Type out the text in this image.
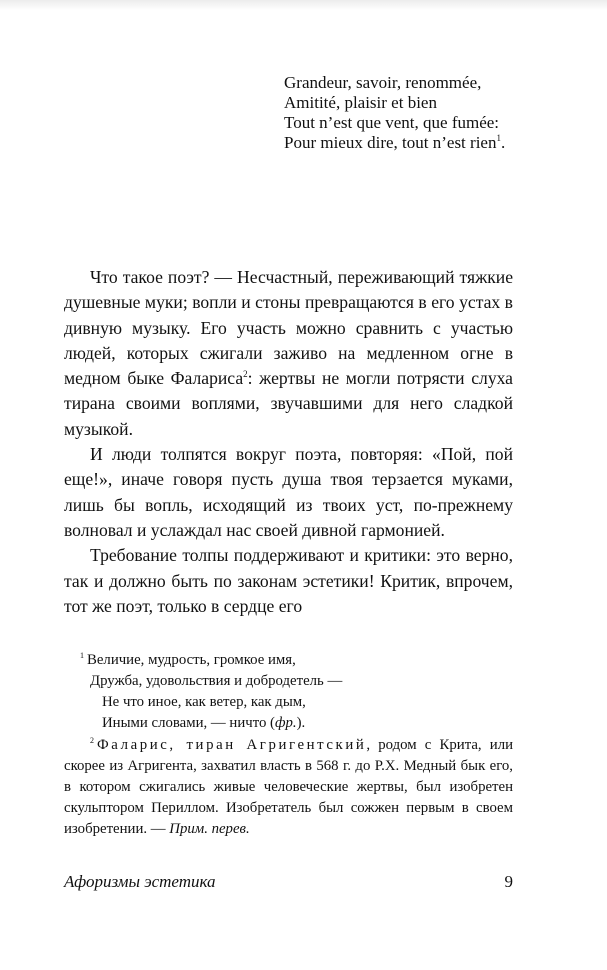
Grandeur, savoir, renommée,
Amitité, plaisir et bien
Tout n’est que vent, que fumée:
Pour mieux dire, tout n’est rien$^1$.

Что такое поэт? — Несчастный, переживающий тяжкие душевные муки; вопли и стоны превращаются в его устах в дивную музыку. Его участь можно сравнить с участью людей, которых сжигали заживо на медленном огне в медном быке Фалариса$^2$: жертвы не могли потрясти слуха тирана своими воплями, звучавшими для него сладкой музыкой.

И люди толпятся вокруг поэта, повторяя: «Пой, пой еще!», иначе говоря пусть душа твоя терзается муками, лишь бы вопль, исходящий из твоих уст, по-прежнему волновал и услаждал нас своей дивной гармонией.

Требование толпы поддерживают и критики: это верно, так и должно быть по законам эстетики! Критик, впрочем, тот же поэт, только в сердце его

$^1$ Величие, мудрость, громкое имя,
Дружба, удовольствия и добродетель —
Не что иное, как ветер, как дым,
Иными словами, — ничто (фр.).

$^2$ Фаларис, тиран Агригентский, родом с Крита, или скорее из Агригента, захватил власть в 568 г. до Р.Х. Медный бык его, в котором сжигались живые человеческие жертвы, был изобретен скульптором Периллом. Изобретатель был сожжен первым в своем изобретении. — Прим. перев.

Афоризмы эстетика	9
